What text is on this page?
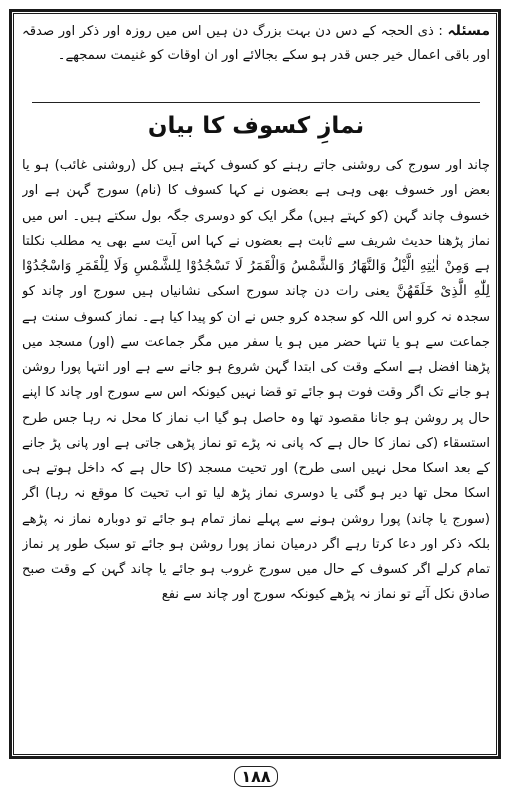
مسئلہ : ذی الحجہ کے دس دن بہت بزرگ دن ہیں اس میں روزہ اور ذکر اور صدقہ اور باقی اعمال خیر جس قدر ہو سکے بجالائے اور ان اوقات کو غنیمت سمجھے۔
نمازِ کسوف کا بیان
چاند اور سورج کی روشنی جاتے رہنے کو کسوف کہتے ہیں کل (روشنی غائب) ہو یا بعض اور خسوف بھی وہی ہے بعضوں نے کہا کسوف کا (نام) سورج گہن ہے اور خسوف چاند گہن (کو کہتے ہیں) مگر ایک کو دوسری جگہ بول سکتے ہیں۔ اس میں نماز پڑھنا حدیث شریف سے ثابت ہے بعضوں نے کہا اس آیت سے بھی یہ مطلب نکلتا ہے وَمِنْ اٰیٰتِهِ الَّیْلُ وَالنَّهَارُ وَالشَّمْسُ وَالْقَمَرُ لَا تَسْجُدُوْا لِلشَّمْسِ وَلَا لِلْقَمَرِ وَاسْجُدُوْا لِلّٰهِ الَّذِیْ خَلَقَهُنَّ یعنی رات دن چاند سورج اسکی نشانیاں ہیں سورج اور چاند کو سجدہ نہ کرو اس اللہ کو سجدہ کرو جس نے ان کو پیدا کیا ہے۔ نماز کسوف سنت ہے جماعت سے ہو یا تنہا حضر میں ہو یا سفر میں مگر جماعت سے (اور) مسجد میں پڑھنا افضل ہے اسکے وقت کی ابتدا گہن شروع ہو جانے سے ہے اور انتہا پورا روشن ہو جانے تک اگر وقت فوت ہو جائے تو قضا نہیں کیونکہ اس سے سورج اور چاند کا اپنے حال پر روشن ہو جانا مقصود تھا وہ حاصل ہو گیا اب نماز کا محل نہ رہا جس طرح استسقاء (کی نماز کا حال ہے کہ پانی نہ پڑے تو نماز پڑھی جاتی ہے اور پانی پڑ جانے کے بعد اسکا محل نہیں اسی طرح) اور تحیت مسجد (کا حال ہے کہ داخل ہوتے ہی اسکا محل تھا دیر ہو گئی یا دوسری نماز پڑھ لیا تو اب تحیت کا موقع نہ رہا) اگر (سورج یا چاند) پورا روشن ہونے سے پہلے نماز تمام ہو جائے تو دوبارہ نماز نہ پڑھے بلکہ ذکر اور دعا کرتا رہے اگر درمیان نماز پورا روشن ہو جائے تو سبک طور پر نماز تمام کرلے اگر کسوف کے حال میں سورج غروب ہو جائے یا چاند گہن کے وقت صبح صادق نکل آئے تو نماز نہ پڑھے کیونکہ سورج اور چاند سے نفع
۱۸۸
